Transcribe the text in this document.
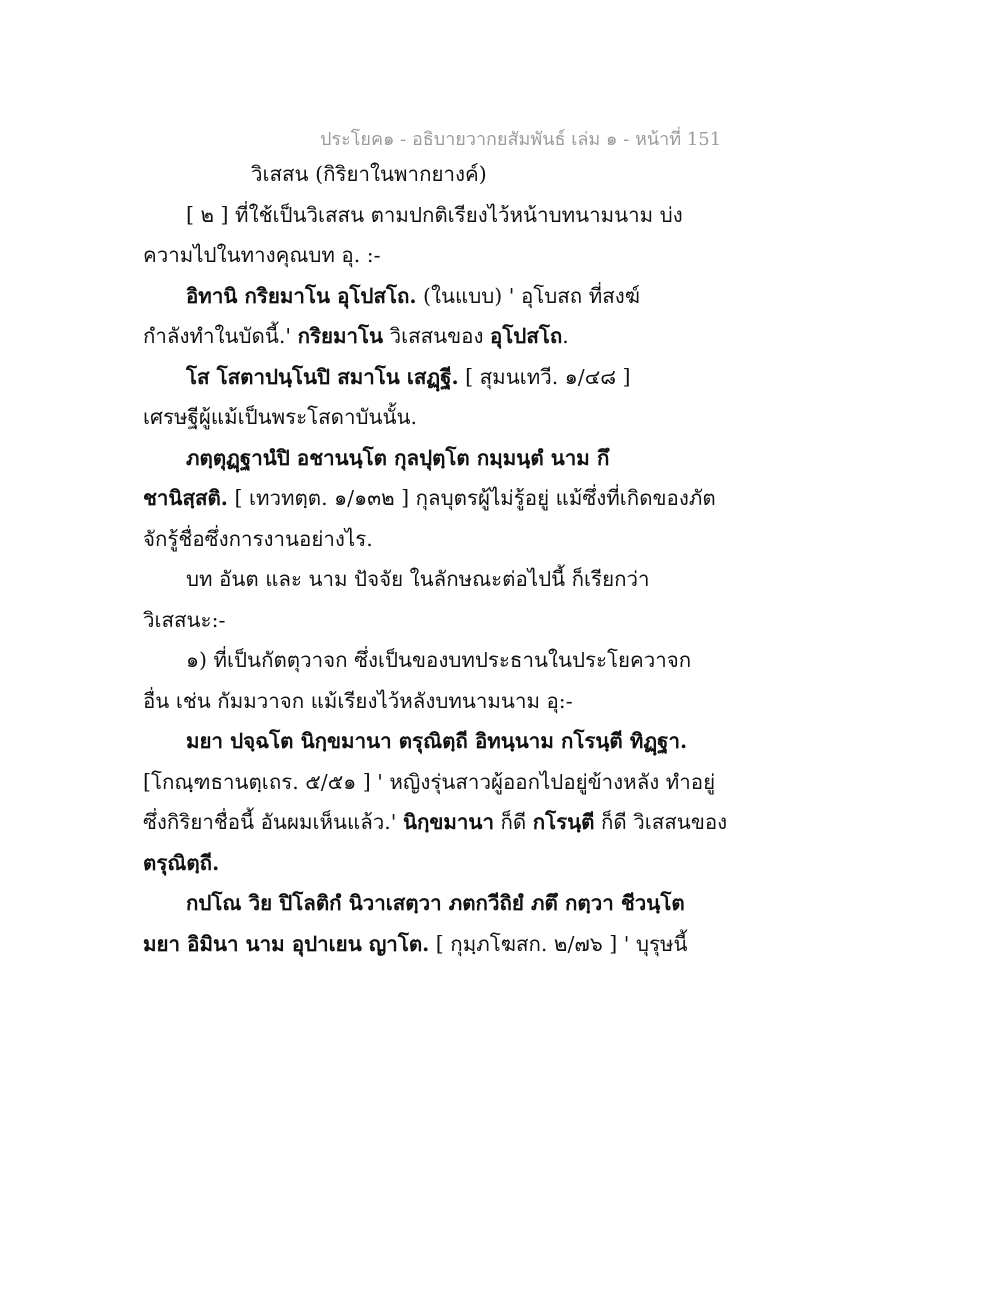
ประโยค๑ - อธิบายวากยสัมพันธ์ เล่ม ๑ - หน้าที่ 151
วิเสสน (กิริยาในพากยางค์)
[ ๒ ] ที่ใช้เป็นวิเสสน ตามปกติเรียงไว้หน้าบทนามนาม บ่ง
ความไปในทางคุณบท อุ. :-
อิทานิ กริยมาโน อุโปสโถ. (ในแบบ) ' อุโบสถ ที่สงฆ์
กำลังทำในบัดนี้.' กริยมาโน วิเสสนของ อุโปสโถ.
โส โสตาปนฺโนปิ สมาโน เสฏฺฐี. [ สุมนเทวี. ๑/๔๘ ]
เศรษฐีผู้แม้เป็นพระโสดาบันนั้น.
ภตฺตุฏฺฐานํปิ อชานนฺโต กุลปุตฺโต กมฺมนฺตํ นาม กึ
ชานิสฺสติ. [ เทวทตฺต. ๑/๑๓๒ ] กุลบุตรผู้ไม่รู้อยู่ แม้ซึ่งที่เกิดของภัต
จักรู้ชื่อซึ่งการงานอย่างไร.
บท อันต และ นาม ปัจจัย ในลักษณะต่อไปนี้ ก็เรียกว่า
วิเสสนะ:-
๑) ที่เป็นกัตตุวาจก ซึ่งเป็นของบทประธานในประโยควาจก
อื่น เช่น กัมมวาจก แม้เรียงไว้หลังบทนามนาม อุ:-
มยา ปจฺฉโต นิกฺขมานา ตรุณิตฺถี อิทนฺนาม กโรนฺตี ทิฏฺฐา.
[โกณฺฑธานตฺเถร. ๕/๕๑ ] ' หญิงรุ่นสาวผู้ออกไปอยู่ข้างหลัง ทำอยู่
ซึ่งกิริยาชื่อนี้ อันผมเห็นแล้ว.' นิกฺขมานา ก็ดี กโรนฺตี ก็ดี วิเสสนของ
ตรุณิตฺถี.
กปโณ วิย ปิโลติกํ นิวาเสตฺวา ภตกวีถิยํ ภตึ กตฺวา ชีวนฺโต
มยา อิมินา นาม อุปาเยน ญาโต. [ กุมฺภโฆสก. ๒/๗๖ ] ' บุรุษนี้
